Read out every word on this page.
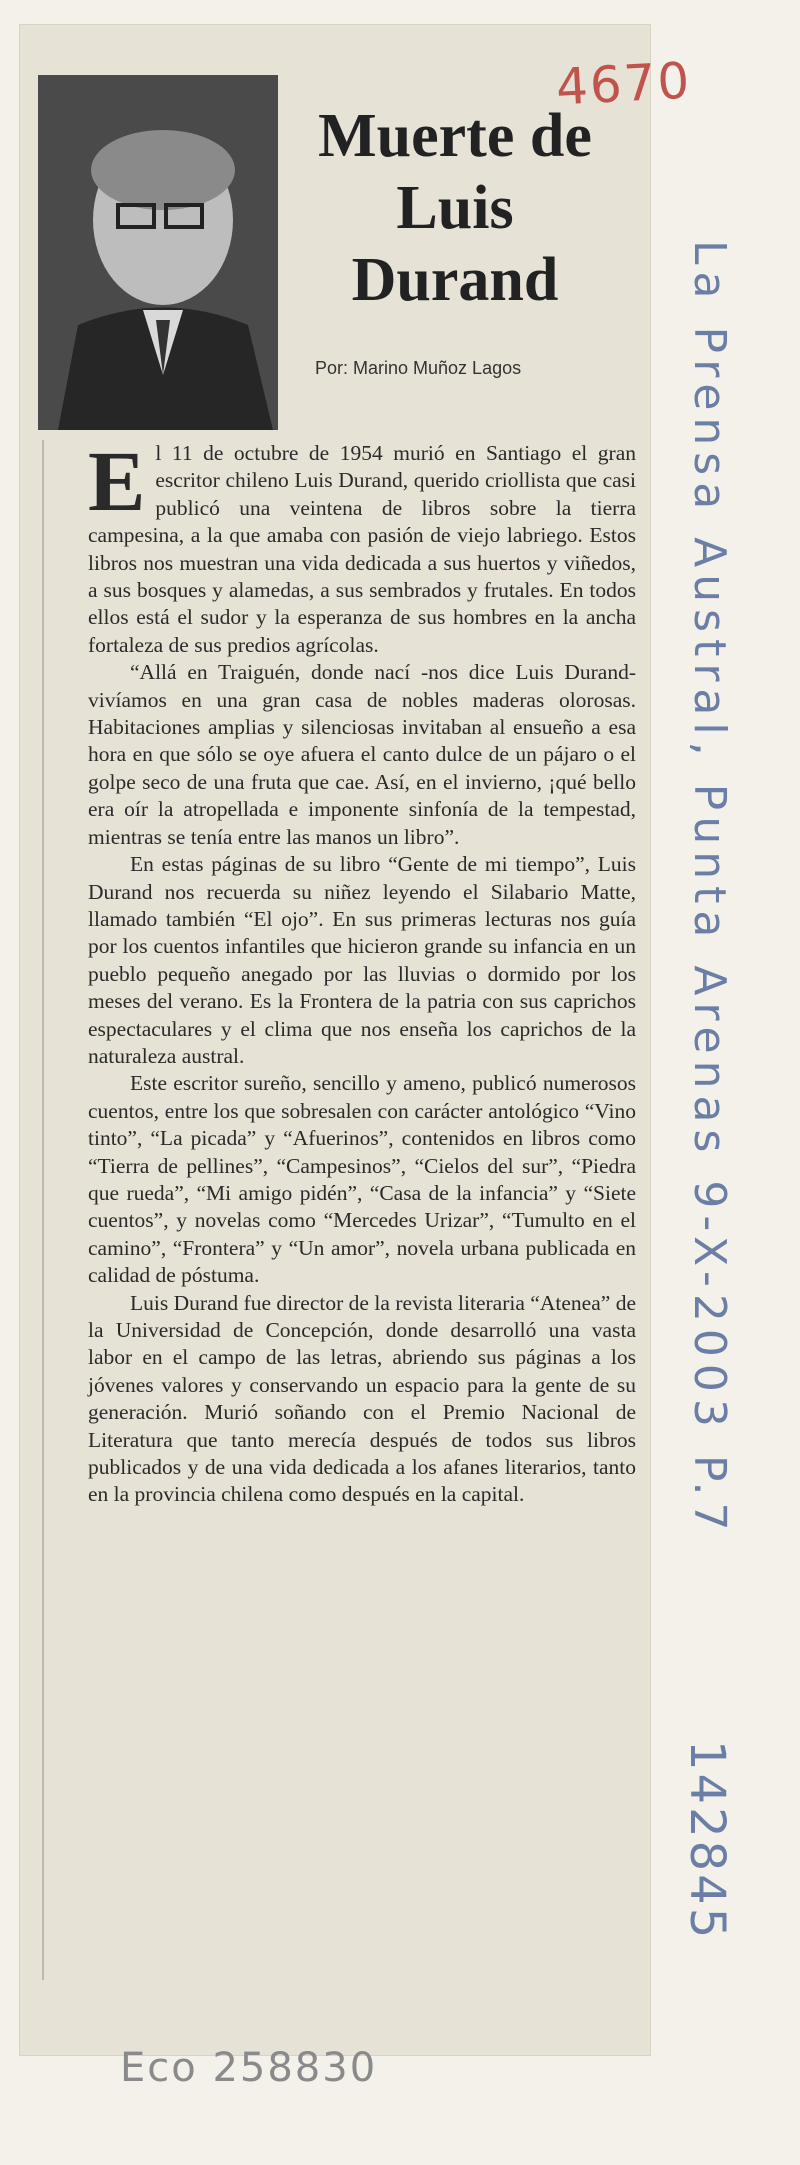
Muerte de Luis Durand
Por: Marino Muñoz Lagos

El 11 de octubre de 1954 murió en Santiago el gran escritor chileno Luis Durand, querido criollista que casi publicó una veintena de libros sobre la tierra campesina, a la que amaba con pasión de viejo labriego. Estos libros nos muestran una vida dedicada a sus huertos y viñedos, a sus bosques y alamedas, a sus sembrados y frutales. En todos ellos está el sudor y la esperanza de sus hombres en la ancha fortaleza de sus predios agrícolas.

“Allá en Traiguén, donde nací -nos dice Luis Durand- vivíamos en una gran casa de nobles maderas olorosas. Habitaciones amplias y silenciosas invitaban al ensueño a esa hora en que sólo se oye afuera el canto dulce de un pájaro o el golpe seco de una fruta que cae. Así, en el invierno, ¡qué bello era oír la atropellada e imponente sinfonía de la tempestad, mientras se tenía entre las manos un libro”.

En estas páginas de su libro “Gente de mi tiempo”, Luis Durand nos recuerda su niñez leyendo el Silabario Matte, llamado también “El ojo”. En sus primeras lecturas nos guía por los cuentos infantiles que hicieron grande su infancia en un pueblo pequeño anegado por las lluvias o dormido por los meses del verano. Es la Frontera de la patria con sus caprichos espectaculares y el clima que nos enseña los caprichos de la naturaleza austral.

Este escritor sureño, sencillo y ameno, publicó numerosos cuentos, entre los que sobresalen con carácter antológico “Vino tinto”, “La picada” y “Afuerinos”, contenidos en libros como “Tierra de pellines”, “Campesinos”, “Cielos del sur”, “Piedra que rueda”, “Mi amigo pidén”, “Casa de la infancia” y “Siete cuentos”, y novelas como “Mercedes Urizar”, “Tumulto en el camino”, “Frontera” y “Un amor”, novela urbana publicada en calidad de póstuma.

Luis Durand fue director de la revista literaria “Atenea” de la Universidad de Concepción, donde desarrolló una vasta labor en el campo de las letras, abriendo sus páginas a los jóvenes valores y conservando un espacio para la gente de su generación. Murió soñando con el Premio Nacional de Literatura que tanto merecía después de todos sus libros publicados y de una vida dedicada a los afanes literarios, tanto en la provincia chilena como después en la capital.

4670
La Prensa Austral, Punta Arenas 9-X-2003 P.7
142845
Eco 258830
